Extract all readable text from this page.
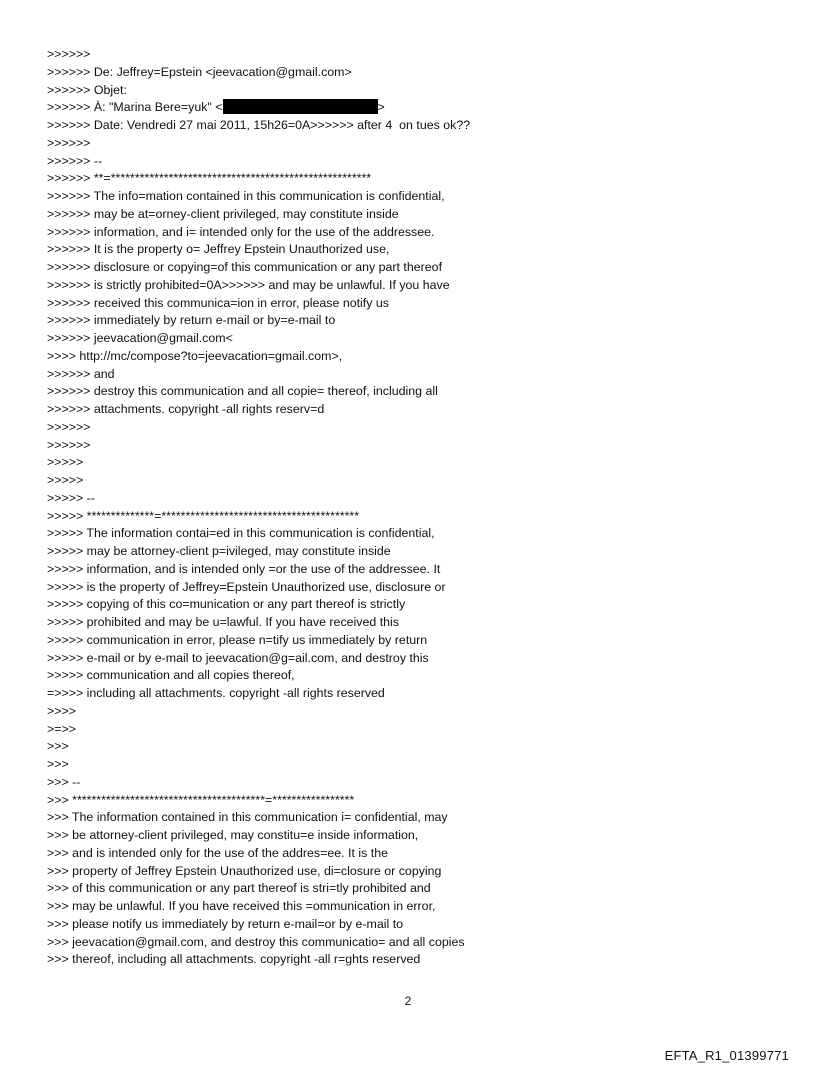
>>>>>>
>>>>>> De: Jeffrey=Epstein <jeevacation@gmail.com>
>>>>>> Objet:
>>>>>> À: "Marina Bere=yuk" <	>
>>>>>> Date: Vendredi 27 mai 2011, 15h26=0A>>>>>> after 4  on tues ok??
>>>>>>
>>>>>> --
>>>>>> **=******************************************************
>>>>>> The info=mation contained in this communication is confidential,
>>>>>> may be at=orney-client privileged, may constitute inside
>>>>>> information, and i= intended only for the use of the addressee.
>>>>>> It is the property o= Jeffrey Epstein Unauthorized use,
>>>>>> disclosure or copying=of this communication or any part thereof
>>>>>> is strictly prohibited=0A>>>>>> and may be unlawful. If you have
>>>>>> received this communica=ion in error, please notify us
>>>>>> immediately by return e-mail or by=e-mail to
>>>>>> jeevacation@gmail.com<
>>>> http://mc/compose?to=jeevacation=gmail.com>,
>>>>>> and
>>>>>> destroy this communication and all copie= thereof, including all
>>>>>> attachments. copyright -all rights reserv=d
>>>>>>
>>>>>>
>>>>>
>>>>>
>>>>> --
>>>>> **************=*****************************************
>>>>> The information contai=ed in this communication is confidential,
>>>>> may be attorney-client p=ivileged, may constitute inside
>>>>> information, and is intended only =or the use of the addressee. It
>>>>> is the property of Jeffrey=Epstein Unauthorized use, disclosure or
>>>>> copying of this co=munication or any part thereof is strictly
>>>>> prohibited and may be u=lawful. If you have received this
>>>>> communication in error, please n=tify us immediately by return
>>>>> e-mail or by e-mail to jeevacation@g=ail.com, and destroy this
>>>>> communication and all copies thereof,
=>>>> including all attachments. copyright -all rights reserved
>>>>
>=>>
>>>
>>>
>>> --
>>> ****************************************=*****************
>>> The information contained in this communication i= confidential, may
>>> be attorney-client privileged, may constitu=e inside information,
>>> and is intended only for the use of the addres=ee. It is the
>>> property of Jeffrey Epstein Unauthorized use, di=closure or copying
>>> of this communication or any part thereof is stri=tly prohibited and
>>> may be unlawful. If you have received this =ommunication in error,
>>> please notify us immediately by return e-mail=or by e-mail to
>>> jeevacation@gmail.com, and destroy this communicatio= and all copies
>>> thereof, including all attachments. copyright -all r=ghts reserved
2
EFTA_R1_01399771
